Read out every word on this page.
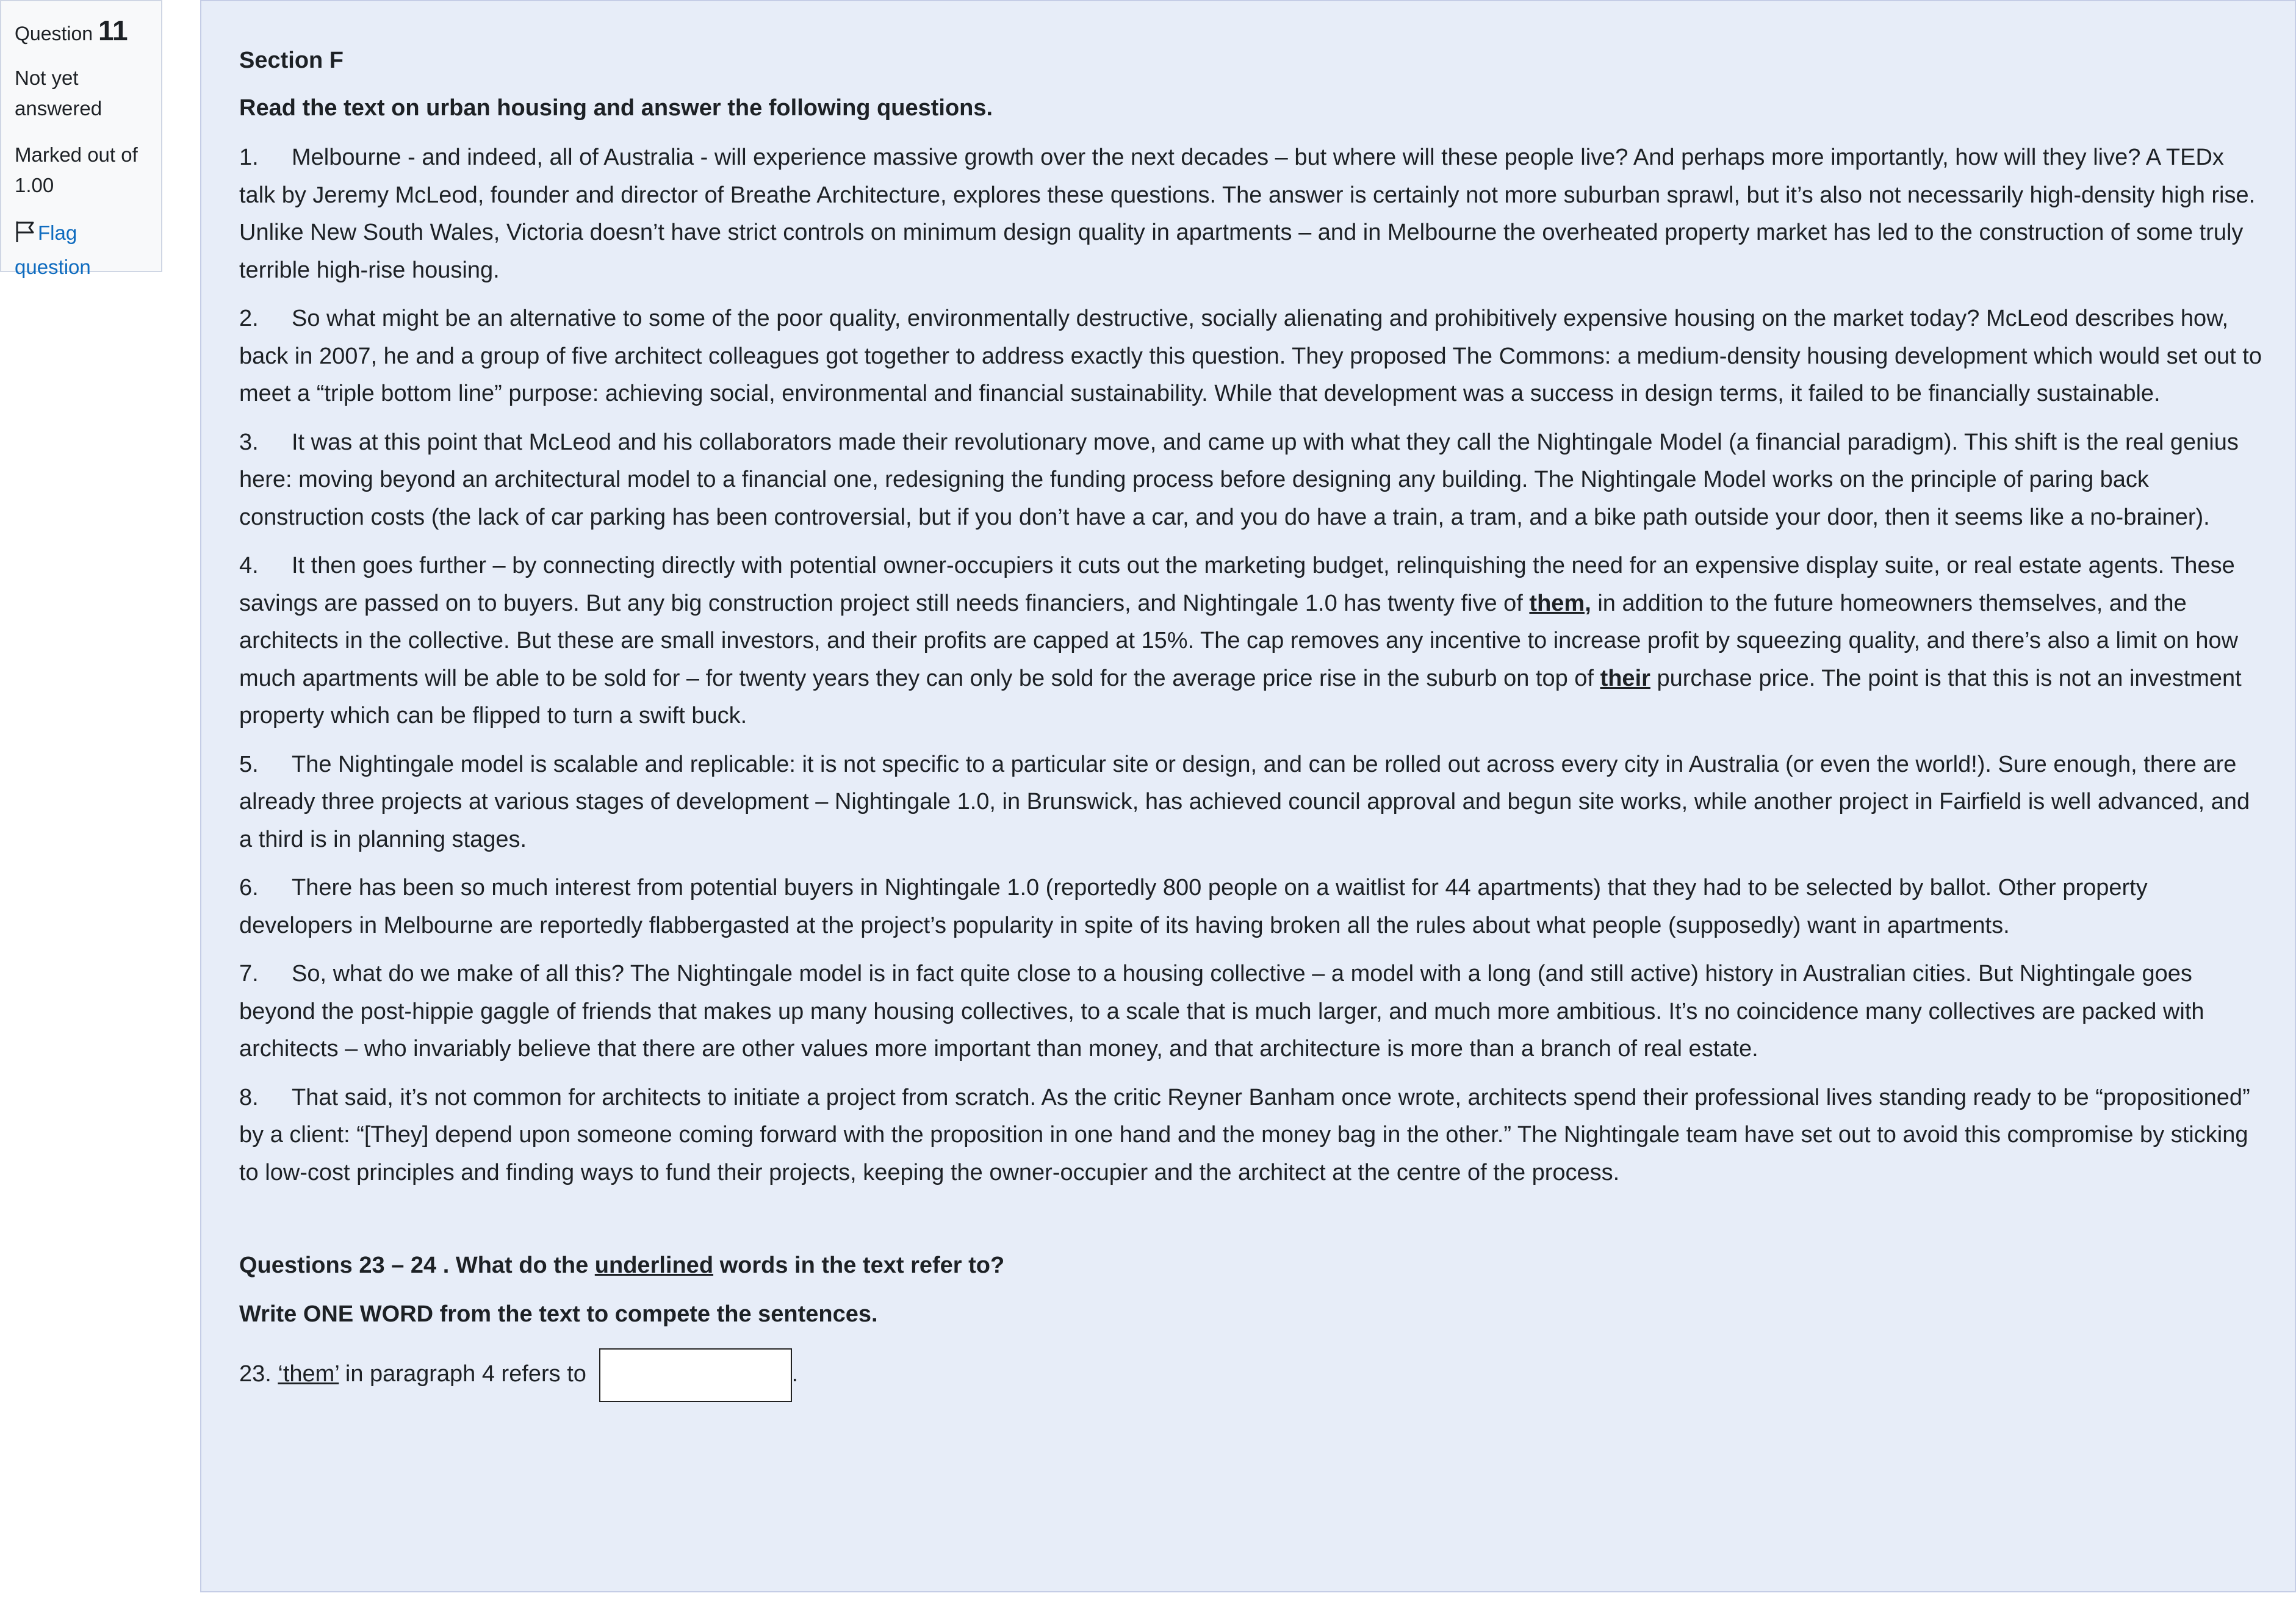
Question 11
Not yet answered
Marked out of 1.00
Flag question
Section F
Read the text on urban housing and answer the following questions.

1. Melbourne - and indeed, all of Australia - will experience massive growth over the next decades – but where will these people live? And perhaps more importantly, how will they live? A TEDx talk by Jeremy McLeod, founder and director of Breathe Architecture, explores these questions. The answer is certainly not more suburban sprawl, but it’s also not necessarily high-density high rise. Unlike New South Wales, Victoria doesn’t have strict controls on minimum design quality in apartments – and in Melbourne the overheated property market has led to the construction of some truly terrible high-rise housing.

2. So what might be an alternative to some of the poor quality, environmentally destructive, socially alienating and prohibitively expensive housing on the market today? McLeod describes how, back in 2007, he and a group of five architect colleagues got together to address exactly this question. They proposed The Commons: a medium-density housing development which would set out to meet a “triple bottom line” purpose: achieving social, environmental and financial sustainability. While that development was a success in design terms, it failed to be financially sustainable.

3. It was at this point that McLeod and his collaborators made their revolutionary move, and came up with what they call the Nightingale Model (a financial paradigm). This shift is the real genius here: moving beyond an architectural model to a financial one, redesigning the funding process before designing any building. The Nightingale Model works on the principle of paring back construction costs (the lack of car parking has been controversial, but if you don’t have a car, and you do have a train, a tram, and a bike path outside your door, then it seems like a no-brainer).

4. It then goes further – by connecting directly with potential owner-occupiers it cuts out the marketing budget, relinquishing the need for an expensive display suite, or real estate agents. These savings are passed on to buyers. But any big construction project still needs financiers, and Nightingale 1.0 has twenty five of them, in addition to the future homeowners themselves, and the architects in the collective. But these are small investors, and their profits are capped at 15%. The cap removes any incentive to increase profit by squeezing quality, and there’s also a limit on how much apartments will be able to be sold for – for twenty years they can only be sold for the average price rise in the suburb on top of their purchase price. The point is that this is not an investment property which can be flipped to turn a swift buck.

5. The Nightingale model is scalable and replicable: it is not specific to a particular site or design, and can be rolled out across every city in Australia (or even the world!). Sure enough, there are already three projects at various stages of development – Nightingale 1.0, in Brunswick, has achieved council approval and begun site works, while another project in Fairfield is well advanced, and a third is in planning stages.

6. There has been so much interest from potential buyers in Nightingale 1.0 (reportedly 800 people on a waitlist for 44 apartments) that they had to be selected by ballot. Other property developers in Melbourne are reportedly flabbergasted at the project’s popularity in spite of its having broken all the rules about what people (supposedly) want in apartments.

7. So, what do we make of all this? The Nightingale model is in fact quite close to a housing collective – a model with a long (and still active) history in Australian cities. But Nightingale goes beyond the post-hippie gaggle of friends that makes up many housing collectives, to a scale that is much larger, and much more ambitious. It’s no coincidence many collectives are packed with architects – who invariably believe that there are other values more important than money, and that architecture is more than a branch of real estate.

8. That said, it’s not common for architects to initiate a project from scratch. As the critic Reyner Banham once wrote, architects spend their professional lives standing ready to be “propositioned” by a client: “[They] depend upon someone coming forward with the proposition in one hand and the money bag in the other.” The Nightingale team have set out to avoid this compromise by sticking to low-cost principles and finding ways to fund their projects, keeping the owner-occupier and the architect at the centre of the process.

Questions 23 – 24 . What do the underlined words in the text refer to?
Write ONE WORD from the text to compete the sentences.
23. ‘them’ in paragraph 4 refers to	.
